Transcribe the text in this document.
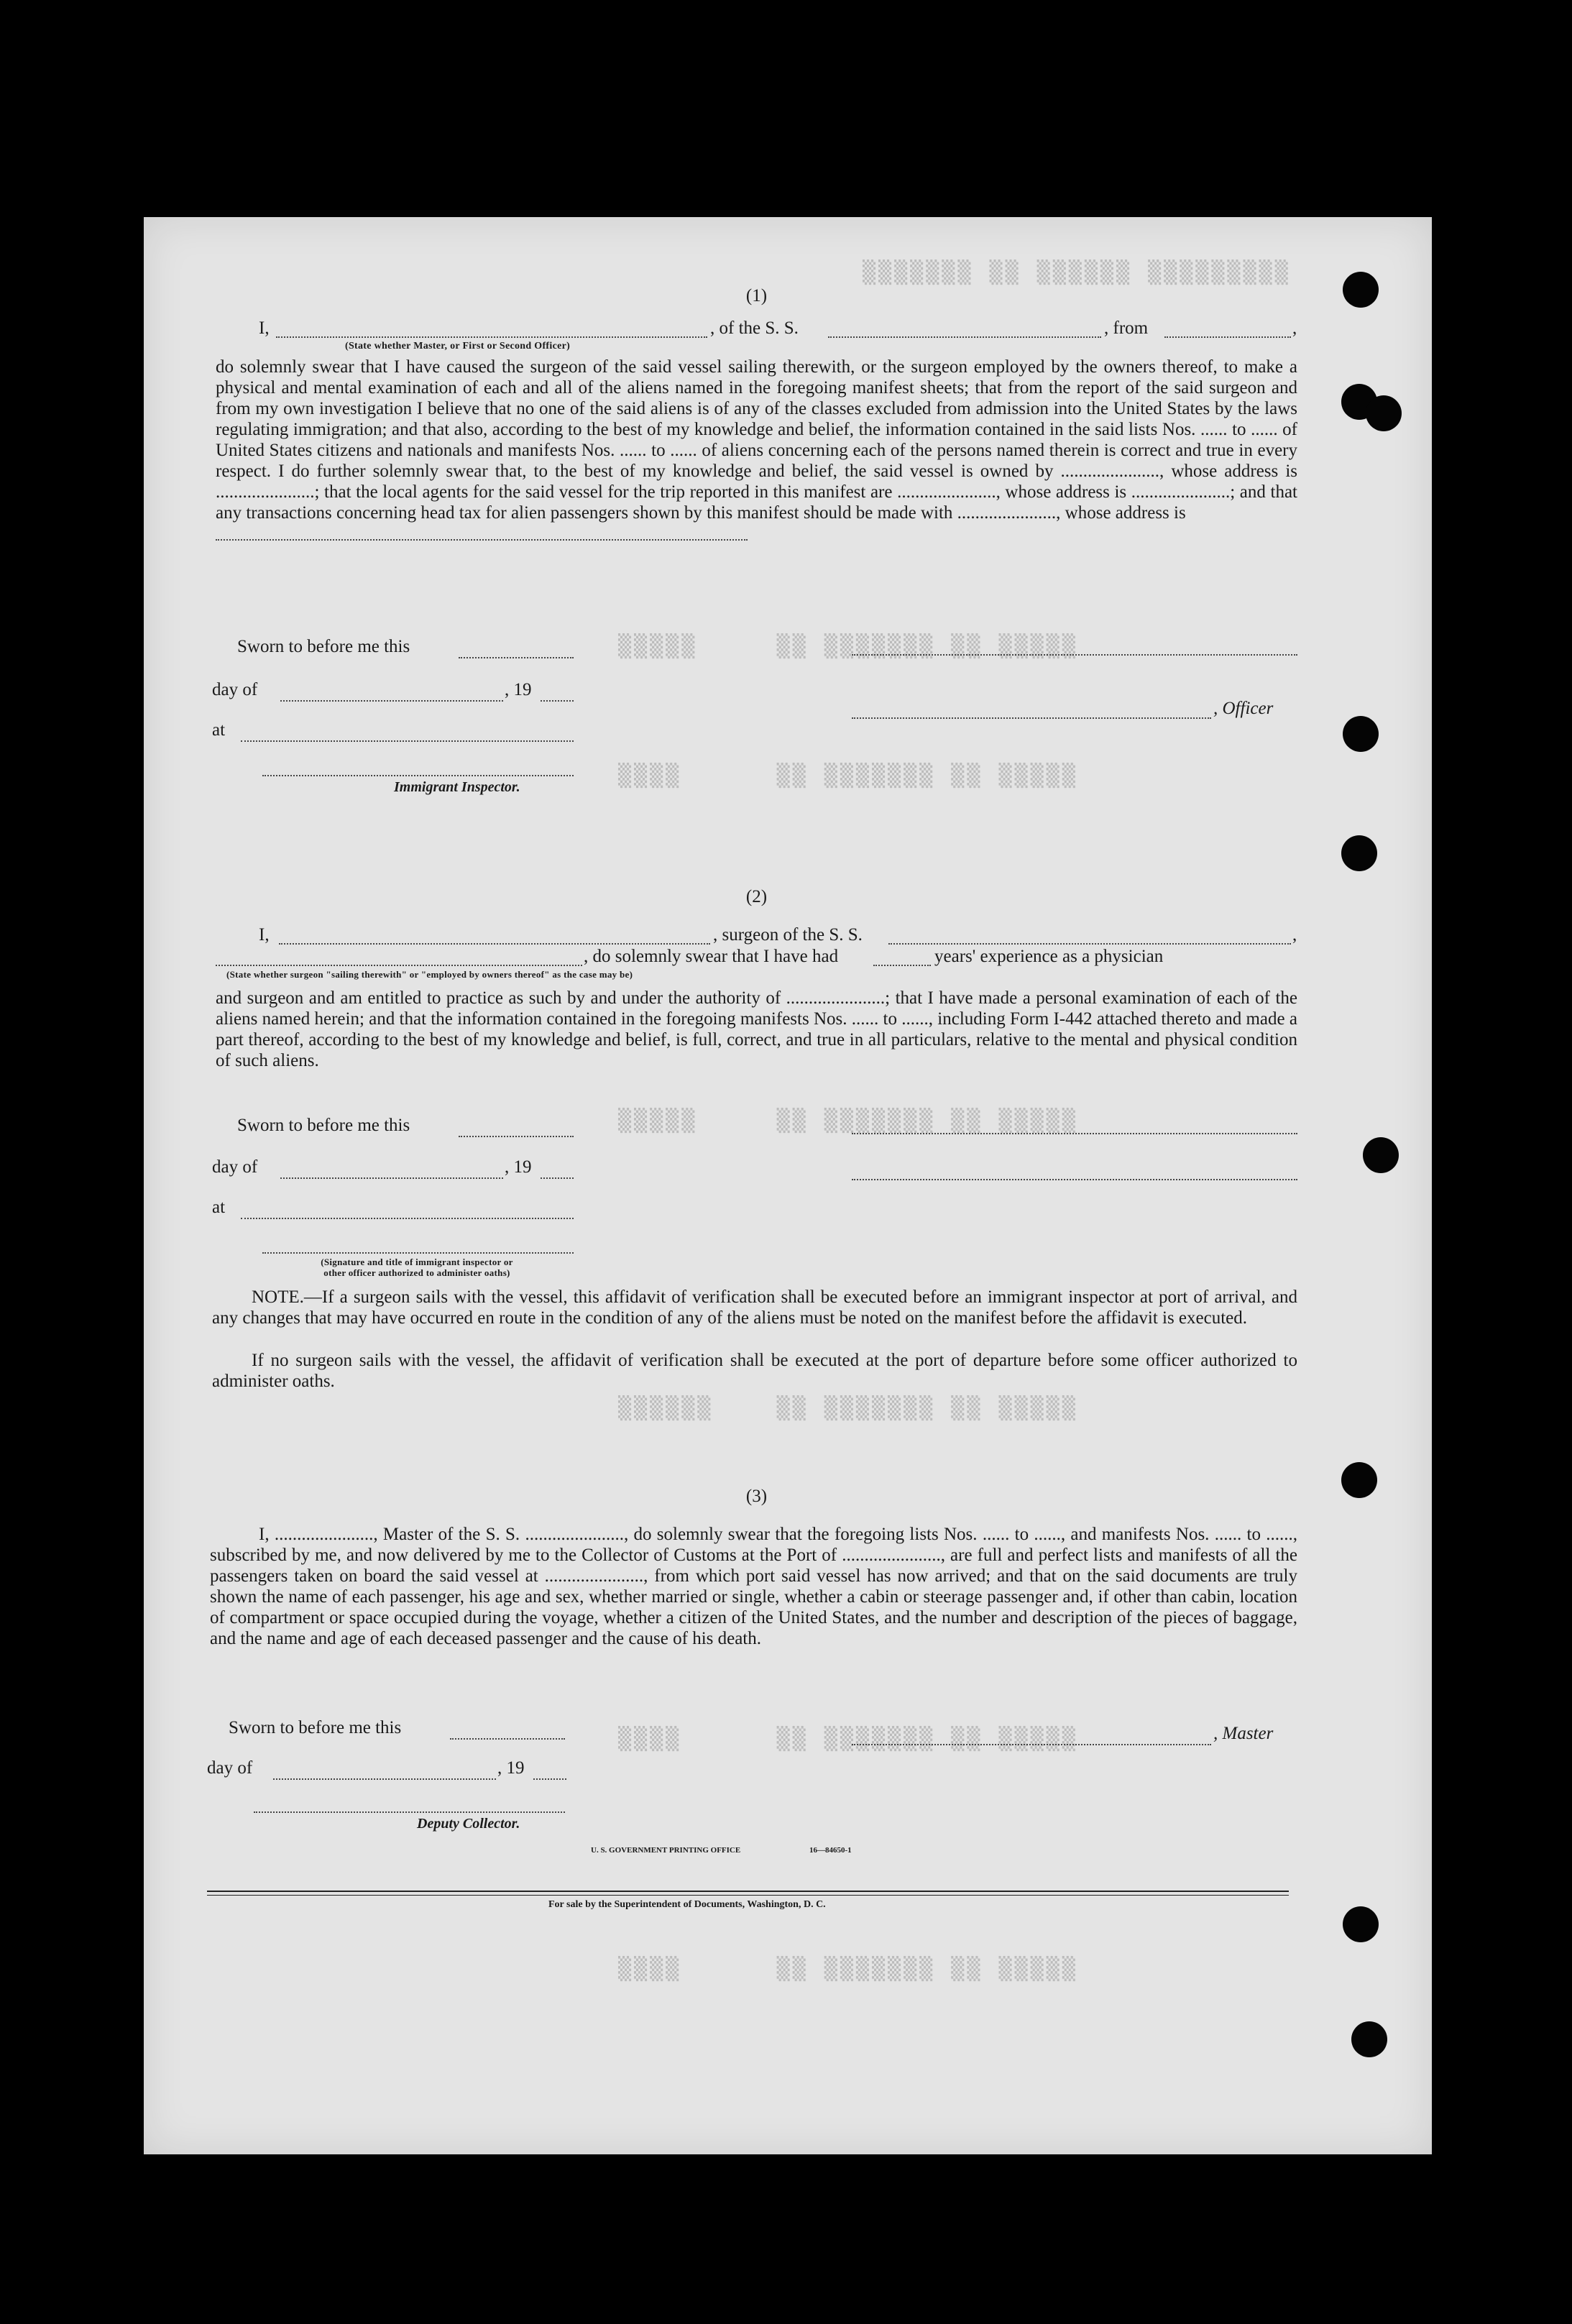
▒▒▒▒▒▒▒ ▒▒ ▒▒▒▒▒▒ ▒▒▒▒▒▒▒▒▒
▒▒▒▒▒     ▒▒ ▒▒▒▒▒▒▒ ▒▒ ▒▒▒▒▒
▒▒▒▒      ▒▒ ▒▒▒▒▒▒▒ ▒▒ ▒▒▒▒▒
▒▒▒▒▒     ▒▒ ▒▒▒▒▒▒▒ ▒▒ ▒▒▒▒▒
▒▒▒▒▒▒    ▒▒ ▒▒▒▒▒▒▒ ▒▒ ▒▒▒▒▒
▒▒▒▒      ▒▒ ▒▒▒▒▒▒▒ ▒▒ ▒▒▒▒▒
▒▒▒▒      ▒▒ ▒▒▒▒▒▒▒ ▒▒ ▒▒▒▒▒
(1)
I,	, of the S. S.	, from	,
(State whether Master, or First or Second Officer)

do solemnly swear that I have caused the surgeon of the said vessel sailing therewith, or the surgeon employed by the owners thereof, to make a physical and mental examination of each and all of the aliens named in the foregoing manifest sheets; that from the report of the said surgeon and from my own investigation I believe that no one of the said aliens is of any of the classes excluded from admission into the United States by the laws regulating immigration; and that also, according to the best of my knowledge and belief, the information contained in the said lists Nos. ...... to ...... of United States citizens and nationals and manifests Nos. ...... to ...... of aliens concerning each of the persons named therein is correct and true in every respect. I do further solemnly swear that, to the best of my knowledge and belief, the said vessel is owned by ......................, whose address is ......................; that the local agents for the said vessel for the trip reported in this manifest are ......................, whose address is ......................; and that any transactions concerning head tax for alien passengers shown by this manifest should be made with ......................, whose address is

Sworn to before me this
day of	, 19
, Officer
at
Immigrant Inspector.
(2)
I,	, surgeon of the S. S.	,
, do solemnly swear that I have had	years' experience as a physician
(State whether surgeon "sailing therewith" or "employed by owners thereof" as the case may be)

and surgeon and am entitled to practice as such by and under the authority of ......................; that I have made a personal examination of each of the aliens named herein; and that the information contained in the foregoing manifests Nos. ...... to ......, including Form I-442 attached thereto and made a part thereof, according to the best of my knowledge and belief, is full, correct, and true in all particulars, relative to the mental and physical condition of such aliens.

Sworn to before me this
day of	, 19
at
(Signature and title of immigrant inspector or
other officer authorized to administer oaths)

NOTE.—If a surgeon sails with the vessel, this affidavit of verification shall be executed before an immigrant inspector at port of arrival, and any changes that may have occurred en route in the condition of any of the aliens must be noted on the manifest before the affidavit is executed.

If no surgeon sails with the vessel, the affidavit of verification shall be executed at the port of departure before some officer authorized to administer oaths.

(3)

I, ......................, Master of the S. S. ......................, do solemnly swear that the foregoing lists Nos. ...... to ......, and manifests Nos. ...... to ......, subscribed by me, and now delivered by me to the Collector of Customs at the Port of ......................, are full and perfect lists and manifests of all the passengers taken on board the said vessel at ......................, from which port said vessel has now arrived; and that on the said documents are truly shown the name of each passenger, his age and sex, whether married or single, whether a cabin or steerage passenger and, if other than cabin, location of compartment or space occupied during the voyage, whether a citizen of the United States, and the number and description of the pieces of baggage, and the name and age of each deceased passenger and the cause of his death.

Sworn to before me this	, Master
day of	, 19
Deputy Collector.
U. S. GOVERNMENT PRINTING OFFICE	16—84650-1
For sale by the Superintendent of Documents, Washington, D. C.
